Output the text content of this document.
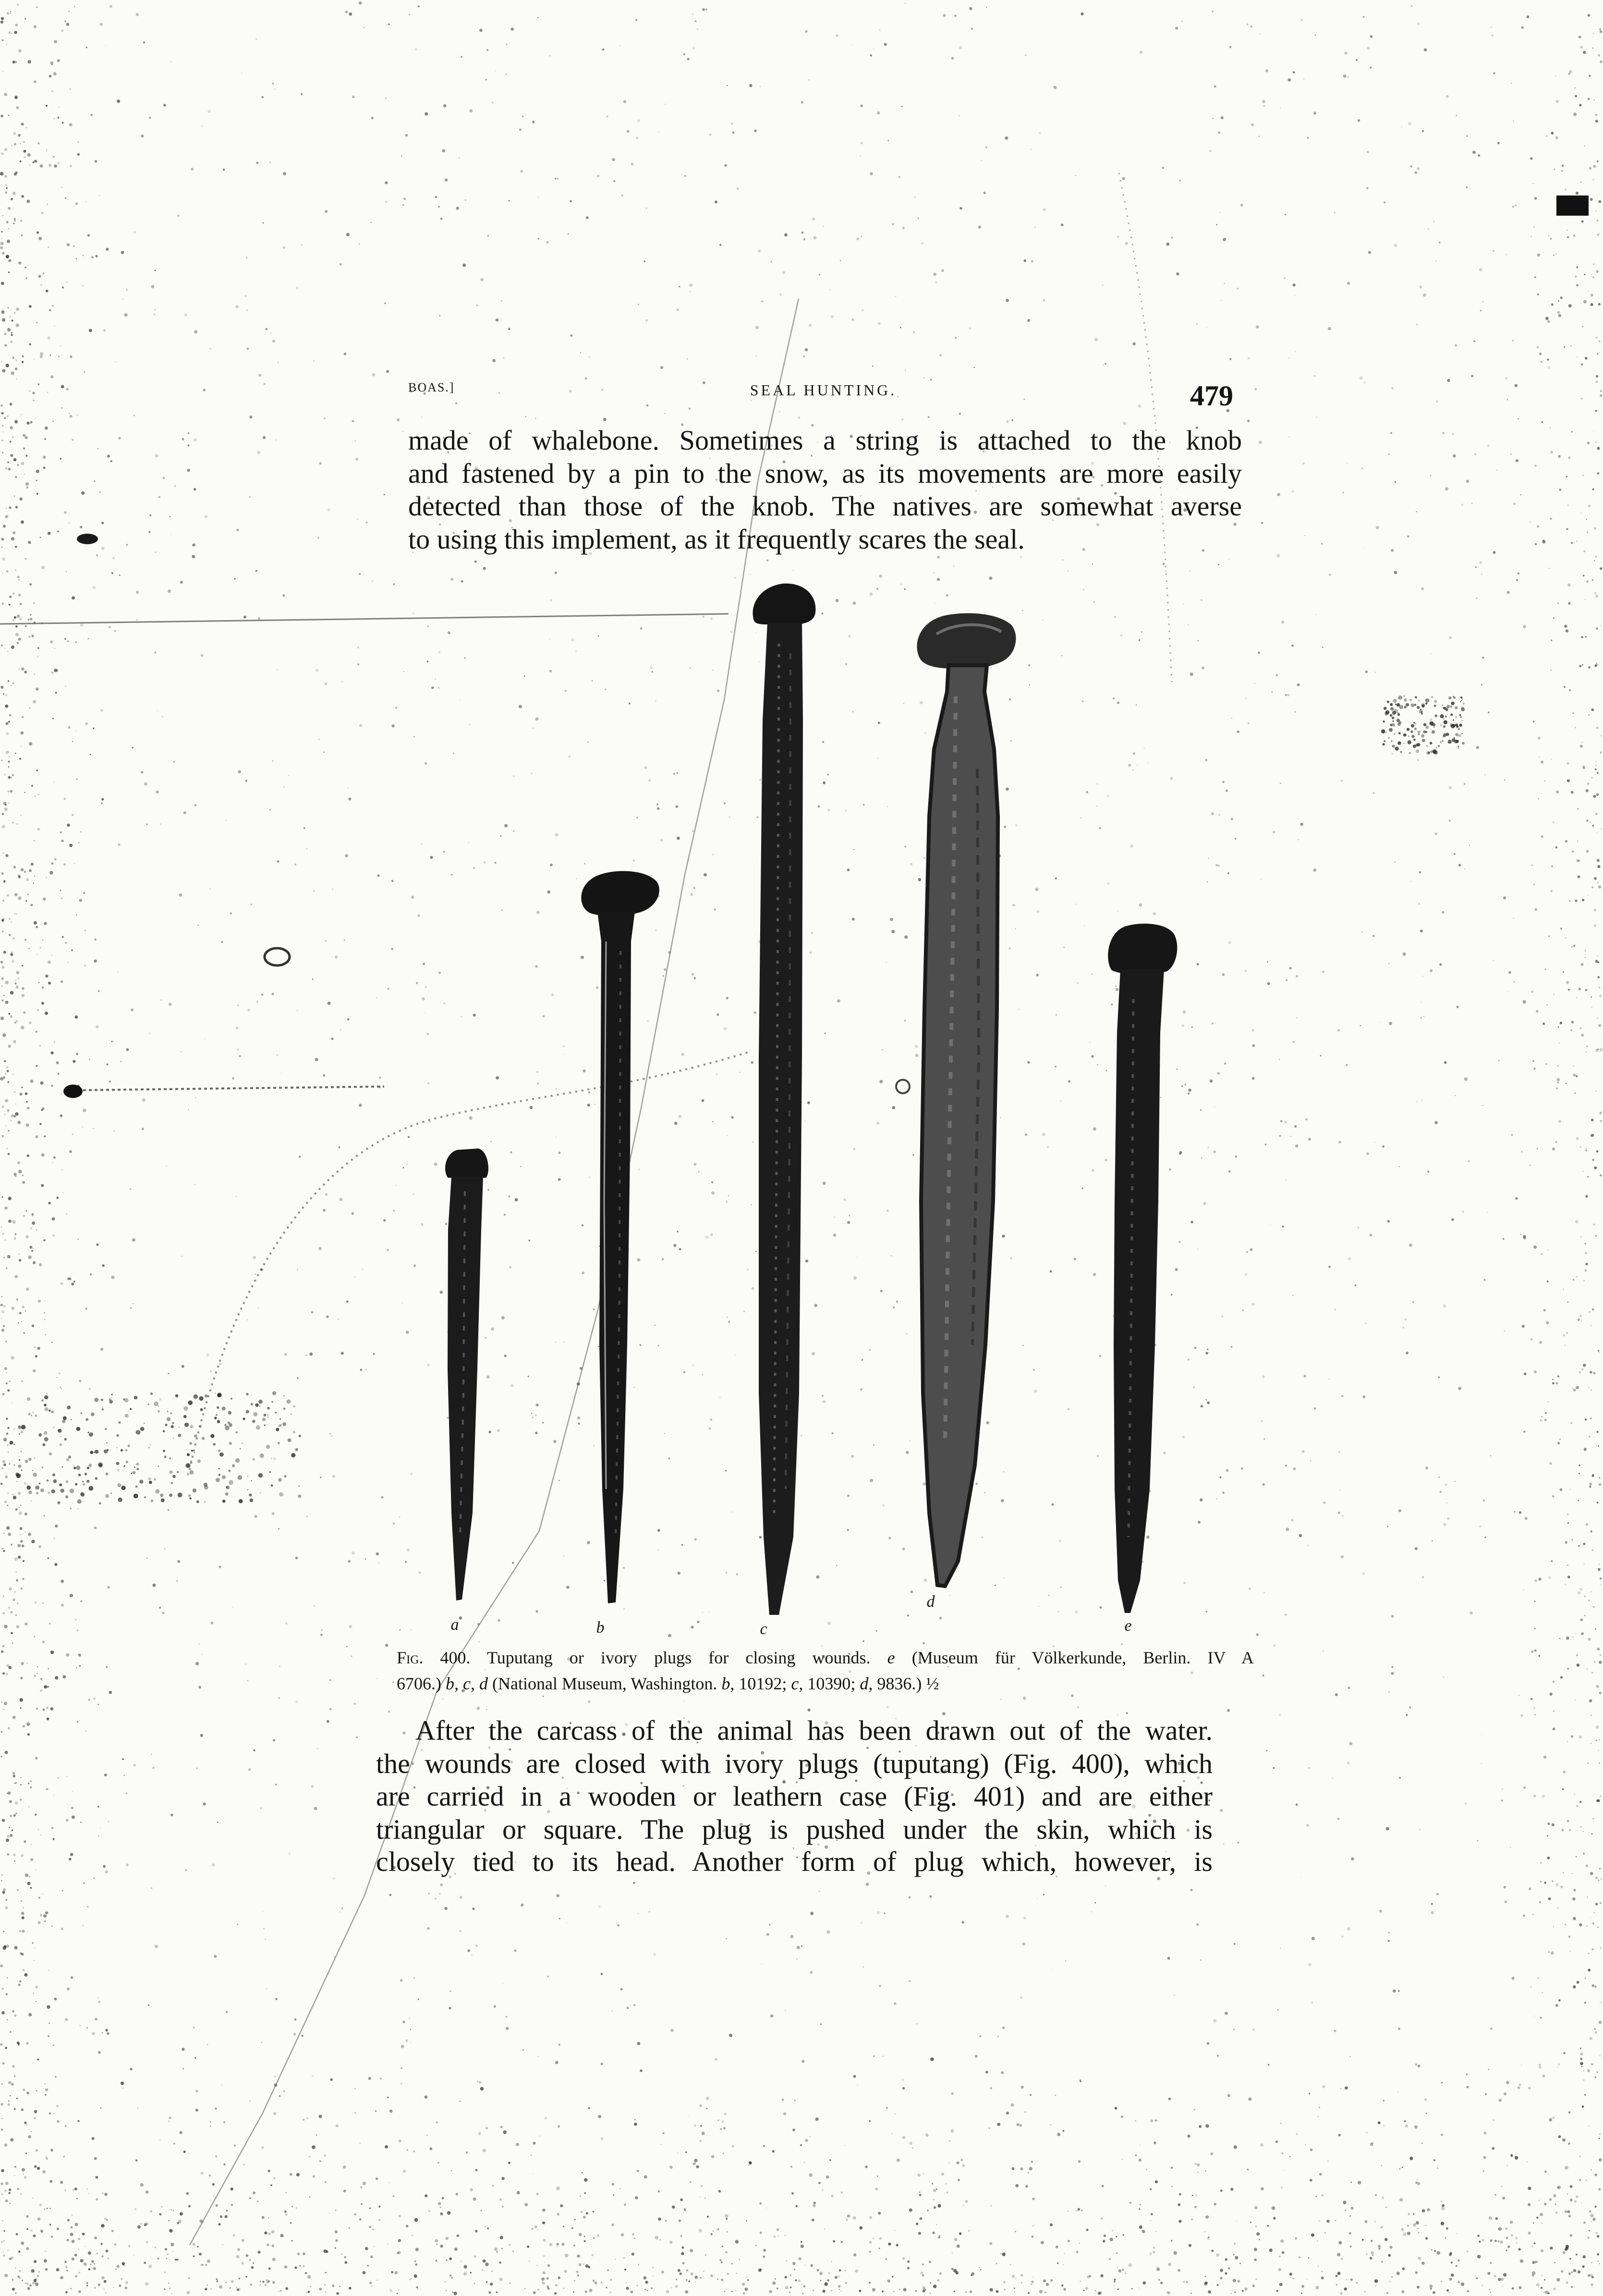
BOAS.]	SEAL HUNTING.	479
made of whalebone. Sometimes a string is attached to the knob
and fastened by a pin to the snow, as its movements are more easily
detected than those of the knob. The natives are somewhat averse
to using this implement, as it frequently scares the seal.
a	b	c
d
e
Fig. 400. Tuputang or ivory plugs for closing wounds. e (Museum für Völkerkunde, Berlin. IV A
6706.) b, c, d (National Museum, Washington. b, 10192; c, 10390; d, 9836.) ½
After the carcass of the animal has been drawn out of the water.
the wounds are closed with ivory plugs (tuputang) (Fig. 400), which
are carried in a wooden or leathern case (Fig. 401) and are either
triangular or square. The plug is pushed under the skin, which is
closely tied to its head. Another form of plug which, however, is
